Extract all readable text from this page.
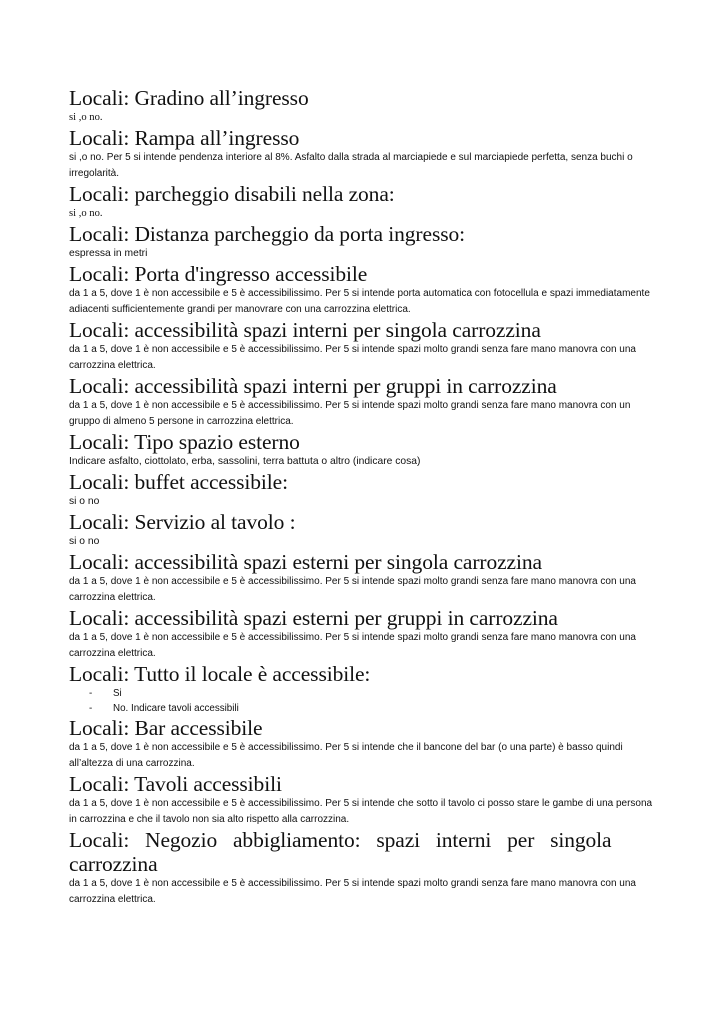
Locali: Gradino all’ingresso

si ,o no.

Locali: Rampa all’ingresso

si ,o no. Per 5 si intende pendenza interiore al 8%. Asfalto dalla strada al marciapiede e sul marciapiede perfetta, senza buchi o irregolarità.

Locali: parcheggio disabili nella zona:

si ,o no.

Locali: Distanza parcheggio da porta ingresso:

espressa in metri

Locali: Porta d'ingresso accessibile

da 1 a 5, dove 1 è non accessibile e 5 è accessibilissimo. Per 5 si intende porta automatica con fotocellula e spazi immediatamente adiacenti sufficientemente grandi per manovrare con una carrozzina elettrica.

Locali: accessibilità spazi interni per singola carrozzina

da 1 a 5, dove 1 è non accessibile e 5 è accessibilissimo. Per 5 si intende spazi molto grandi senza fare mano manovra con una carrozzina elettrica.

Locali: accessibilità spazi interni per gruppi in carrozzina

da 1 a 5, dove 1 è non accessibile e 5 è accessibilissimo. Per 5 si intende spazi molto grandi senza fare mano manovra con un gruppo di almeno 5 persone in carrozzina elettrica.

Locali: Tipo spazio esterno

Indicare asfalto, ciottolato, erba, sassolini, terra battuta o altro (indicare cosa)

Locali: buffet accessibile:

si o no

Locali: Servizio al tavolo :

si o no

Locali: accessibilità spazi esterni per singola carrozzina

da 1 a 5, dove 1 è non accessibile e 5 è accessibilissimo. Per 5 si intende spazi molto grandi senza fare mano manovra con una carrozzina elettrica.

Locali: accessibilità spazi esterni per gruppi in carrozzina

da 1 a 5, dove 1 è non accessibile e 5 è accessibilissimo. Per 5 si intende spazi molto grandi senza fare mano manovra con una carrozzina elettrica.

Locali: Tutto il locale è accessibile:
- Si
- No. Indicare tavoli accessibili
Locali: Bar accessibile

da 1 a 5, dove 1 è non accessibile e 5 è accessibilissimo. Per 5 si intende che il bancone del bar (o una parte) è basso quindi all’altezza di una carrozzina.

Locali: Tavoli accessibili

da 1 a 5, dove 1 è non accessibile e 5 è accessibilissimo. Per 5 si intende che sotto il tavolo ci posso stare le gambe di una persona in carrozzina e che il tavolo non sia alto rispetto alla carrozzina.

Locali:   Negozio   abbigliamento:   spazi   interni   per   singola
carrozzina

da 1 a 5, dove 1 è non accessibile e 5 è accessibilissimo. Per 5 si intende spazi molto grandi senza fare mano manovra con una carrozzina elettrica.
